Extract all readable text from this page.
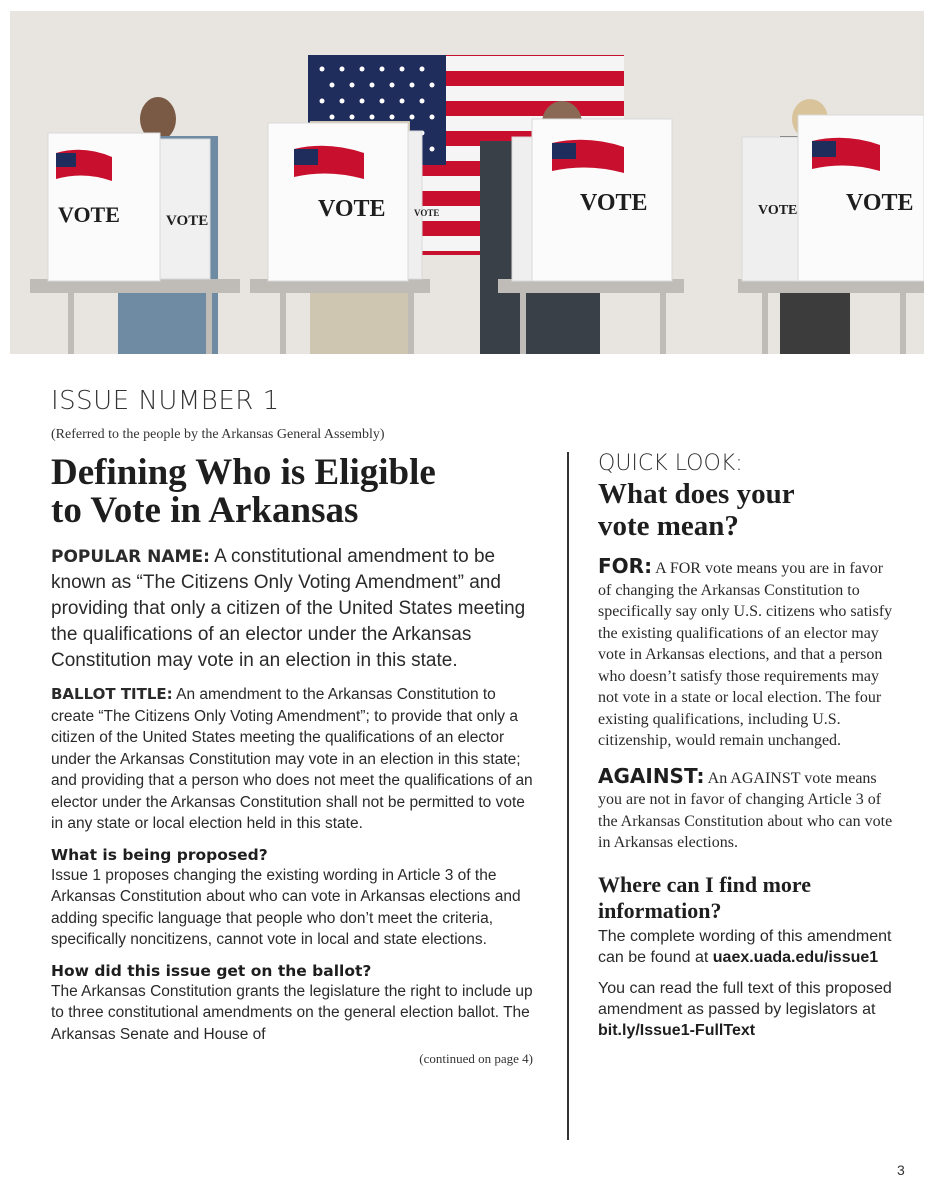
VOTE	VOTE	VOTE	VOTE	VOTE VOTE
VOTE
ISSUE NUMBER 1

(Referred to the people by the Arkansas General Assembly)

Defining Who is Eligible
to Vote in Arkansas

POPULAR NAME: A constitutional amendment to be known as “The Citizens Only Voting Amendment” and providing that only a citizen of the United States meeting the qualifications of an elector under the Arkansas Constitution may vote in an election in this state.

BALLOT TITLE: An amendment to the Arkansas Constitution to create “The Citizens Only Voting Amendment”; to provide that only a citizen of the United States meeting the qualifications of an elector under the Arkansas Constitution may vote in an election in this state; and providing that a person who does not meet the qualifications of an elector under the Arkansas Constitution shall not be permitted to vote in any state or local election held in this state.

What is being proposed?

Issue 1 proposes changing the existing wording in Article 3 of the Arkansas Constitution about who can vote in Arkansas elections and adding specific language that people who don’t meet the criteria, specifically noncitizens, cannot vote in local and state elections.

How did this issue get on the ballot?

The Arkansas Constitution grants the legislature the right to include up to three constitutional amendments on the general election ballot. The Arkansas Senate and House of

(continued on page 4)

QUICK LOOK:

What does your
vote mean?

FOR: A FOR vote means you are in favor of changing the Arkansas Constitution to specifically say only U.S. citizens who satisfy the existing qualifications of an elector may vote in Arkansas elections, and that a person who doesn’t satisfy those requirements may not vote in a state or local election. The four existing qualifications, including U.S. citizenship, would remain unchanged.

AGAINST: An AGAINST vote means you are not in favor of changing Article 3 of the Arkansas Constitution about who can vote in Arkansas elections.

Where can I find more
information?

The complete wording of this amendment can be found at uaex.uada.edu/issue1

You can read the full text of this proposed amendment as passed by legislators at bit.ly/Issue1-FullText

3
